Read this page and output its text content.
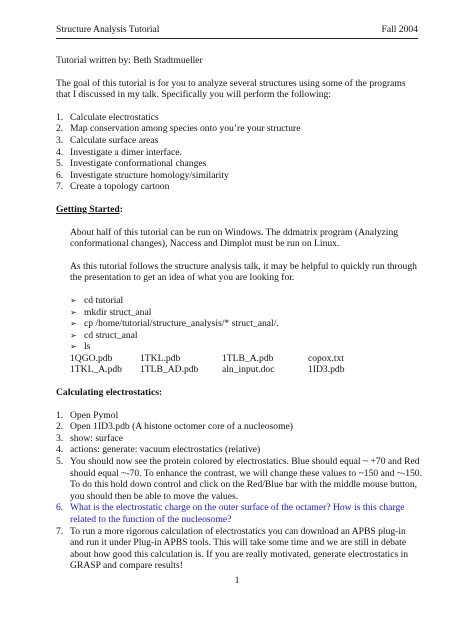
Structure Analysis Tutorial	Fall 2004

Tutorial written by: Beth Stadtmueller

The goal of this tutorial is for you to analyze several structures using some of the programs that I discussed in my talk. Specifically you will perform the following:

1. Calculate electrostatics
2. Map conservation among species onto you’re your structure
3. Calculate surface areas
4. Investigate a dimer interface.
5. Investigate conformational changes
6. Investigate structure homology/similarity
7. Create a topology cartoon

Getting Started:

About half of this tutorial can be run on Windows. The ddmatrix program (Analyzing conformational changes), Naccess and Dimplot must be run on Linux.

As this tutorial follows the structure analysis talk, it may be helpful to quickly run through the presentation to get an idea of what you are looking for.

➢ cd tutorial
➢ mkdir struct_anal
➢ cp /home/tutorial/structure_analysis/* struct_anal/.
➢ cd struct_anal
➢ ls
1QGO.pdb	1TKL.pdb	1TLB_A.pdb	copox.txt
1TKL_A.pdb	1TLB_AD.pdb	aln_input.doc	1ID3.pdb

Calculating electrostatics:

1. Open Pymol
2. Open 1ID3.pdb (A histone octomer core of a nucleosome)
3. show: surface
4. actions: generate: vacuum electrostatics (relative)
5. You should now see the protein colored by electrostatics. Blue should equal ~ +70 and Red should equal ~-70. To enhance the contrast, we will change these values to ~150 and ~-150. To do this hold down control and click on the Red/Blue bar with the middle mouse button, you should then be able to move the values.
6. What is the electrostatic charge on the outer surface of the octamer? How is this charge related to the function of the nucleosome?
7. To run a more rigorous calculation of electrostatics you can download an APBS plug-in and run it under Plug-in APBS tools. This will take some time and we are still in debate about how good this calculation is. If you are really motivated, generate electrostatics in GRASP and compare results!
1
